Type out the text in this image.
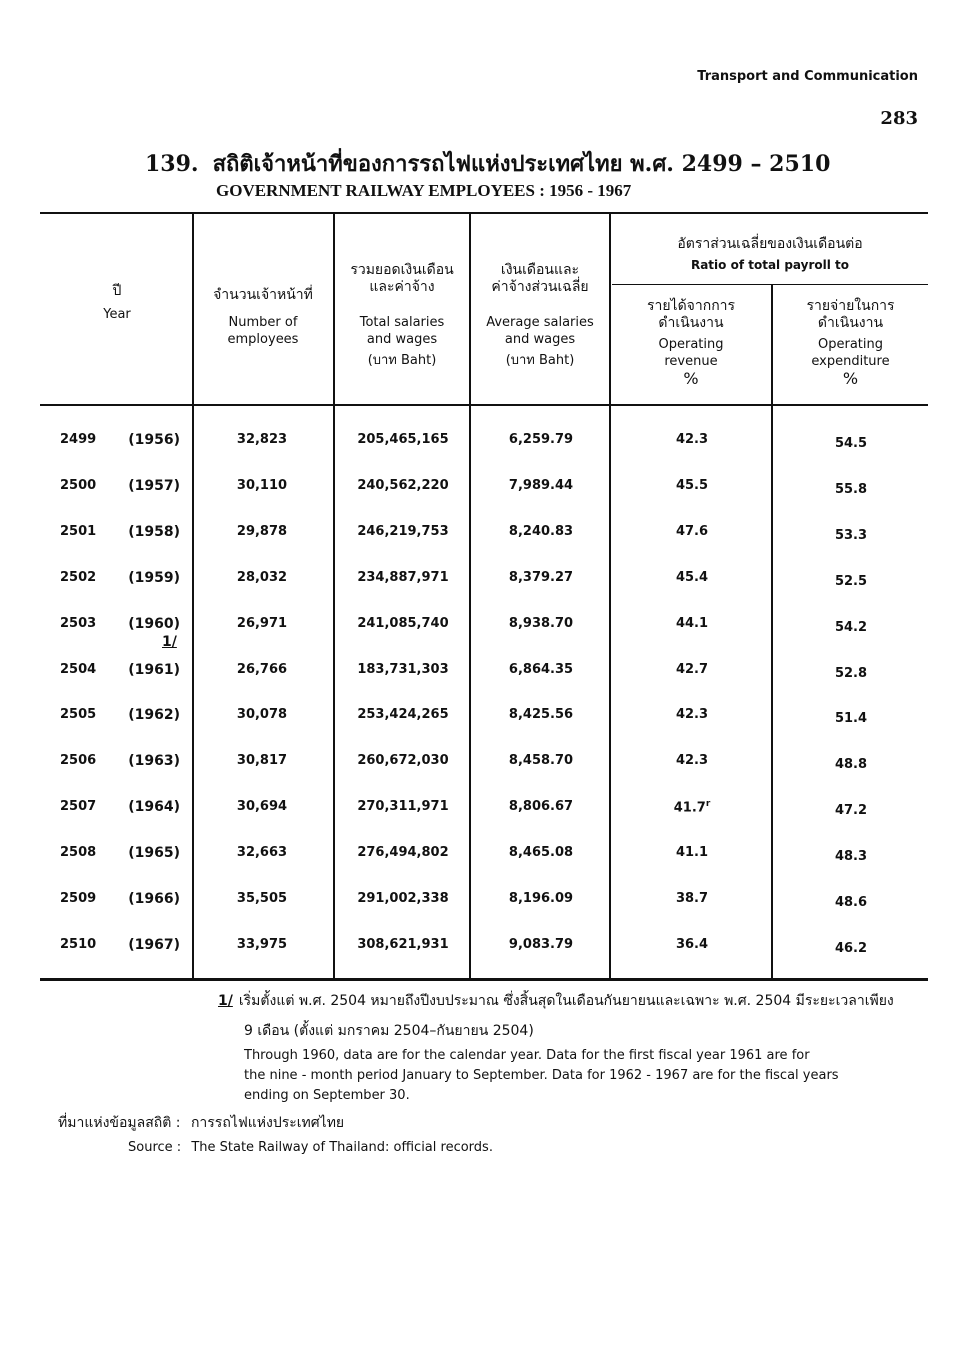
Transport and Communication
283
139. สถิติเจ้าหน้าที่ของการรถไฟแห่งประเทศไทย พ.ศ. 2499 – 2510
GOVERNMENT RAILWAY EMPLOYEES : 1956 - 1967
ปี
Year
จำนวนเจ้าหน้าที่
Number of
employees
รวมยอดเงินเดือน
และค่าจ้าง
Total salaries
and wages
(บาท Baht)
เงินเดือนและ
ค่าจ้างส่วนเฉลี่ย
Average salaries
and wages
(บาท Baht)
อัตราส่วนเฉลี่ยของเงินเดือนต่อ
Ratio of total payroll to
รายได้จากการ
ดำเนินงาน
Operating
revenue
%
รายจ่ายในการ
ดำเนินงาน
Operating
expenditure
%
1/
2499	(1956)	32,823	205,465,165	6,259.79	42.3	54.5
2500	(1957)	30,110	240,562,220	7,989.44	45.5	55.8
2501	(1958)	29,878	246,219,753	8,240.83	47.6	53.3
2502	(1959)	28,032	234,887,971	8,379.27	45.4	52.5
2503	(1960)	26,971	241,085,740	8,938.70	44.1	54.2
2504	(1961)	26,766	183,731,303	6,864.35	42.7	52.8
2505	(1962)	30,078	253,424,265	8,425.56	42.3	51.4
2506	(1963)	30,817	260,672,030	8,458.70	42.3	48.8
2507	(1964)	30,694	270,311,971	8,806.67	41.7$^r$	47.2
2508	(1965)	32,663	276,494,802	8,465.08	41.1	48.3
2509	(1966)	35,505	291,002,338	8,196.09	38.7	48.6
2510	(1967)	33,975	308,621,931	9,083.79	36.4	46.2
1/ เริ่มตั้งแต่ พ.ศ. 2504 หมายถึงปีงบประมาณ ซึ่งสิ้นสุดในเดือนกันยายนและเฉพาะ พ.ศ. 2504 มีระยะเวลาเพียง
9 เดือน (ตั้งแต่ มกราคม 2504–กันยายน 2504)
Through 1960, data are for the calendar year. Data for the first fiscal year 1961 are for
the nine - month period January to September. Data for 1962 - 1967 are for the fiscal years
ending on September 30.
ที่มาแห่งข้อมูลสถิติ : การรถไฟแห่งประเทศไทย
Source : The State Railway of Thailand: official records.
